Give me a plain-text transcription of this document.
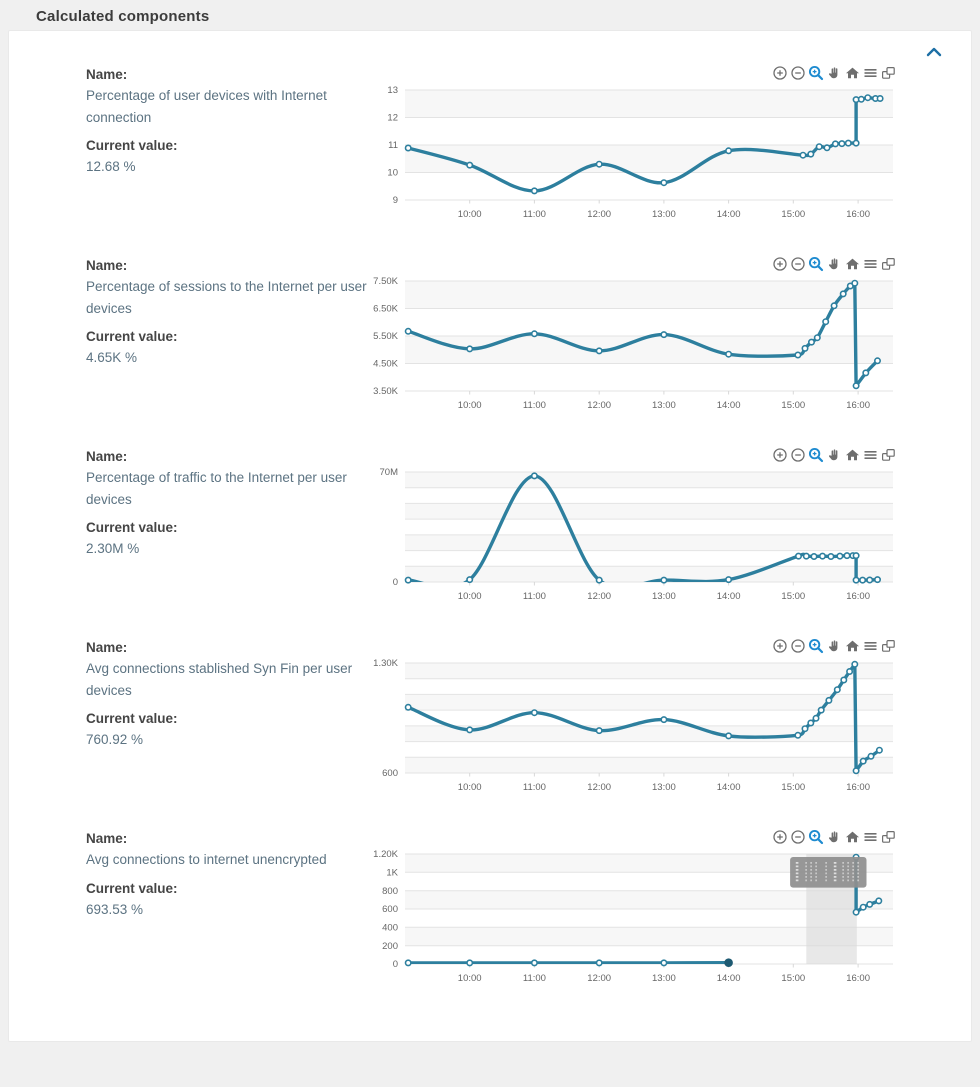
Calculated components
Name:
Percentage of user devices with Internet connection
Current value:
12.68 %
13
12
11
10
9
10:00	11:00	12:00	13:00	14:00	15:00	16:00
Name:
Percentage of sessions to the Internet per user devices
Current value:
4.65K %
7.50K
6.50K
5.50K
4.50K
3.50K
10:00	11:00	12:00	13:00	14:00	15:00	16:00
Name:
Percentage of traffic to the Internet per user devices
Current value:
2.30M %
70M
0
10:00	11:00	12:00	13:00	14:00	15:00	16:00
Name:
Avg connections stablished Syn Fin per user devices
Current value:
760.92 %
1.30K
600
10:00	11:00	12:00	13:00	14:00	15:00	16:00
Name:
Avg connections to internet unencrypted
Current value:
693.53 %
1.20K
1K
800
600
400
200
0
10:00	11:00	12:00	13:00	14:00	15:00	16:00
